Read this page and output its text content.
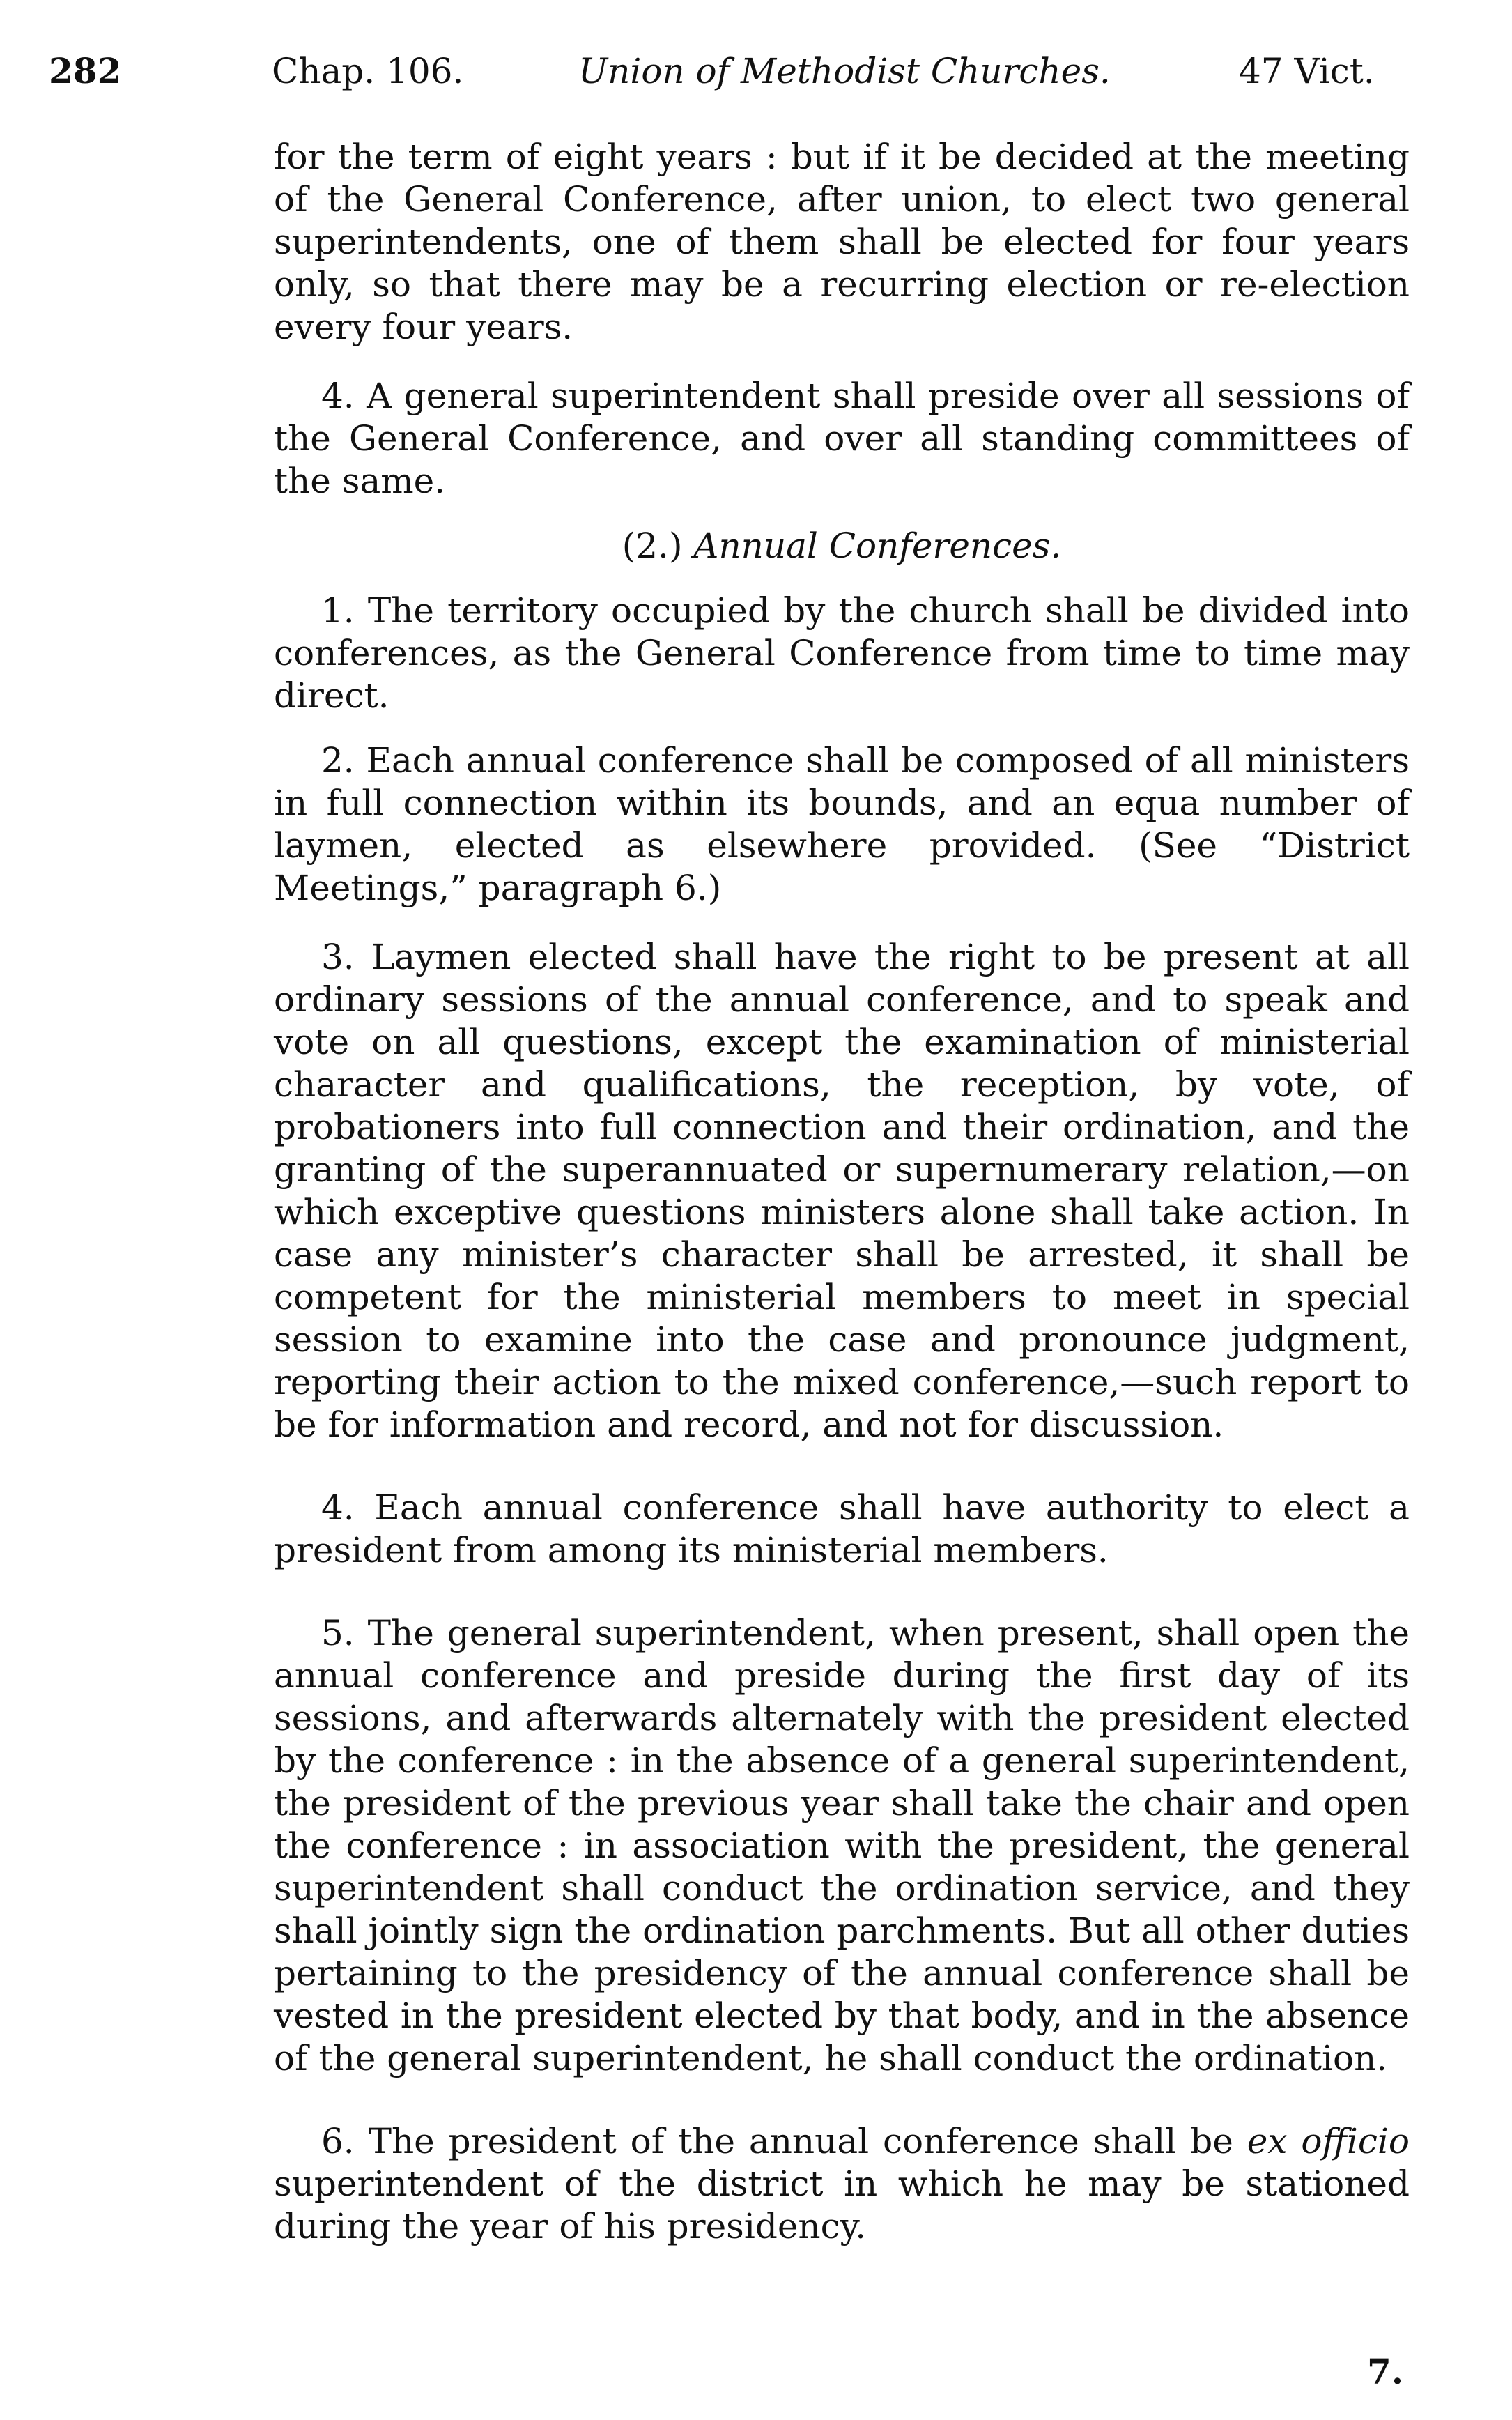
282	Chap. 106.	Union of Methodist Churches.	47 Vict.

for the term of eight years : but if it be decided at the meeting of the General Conference, after union, to elect two general superintendents, one of them shall be elected for four years only, so that there may be a recurring election or re-election every four years.

4. A general superintendent shall preside over all sessions of the General Conference, and over all standing committees of the same.

(2.) Annual Conferences.

1. The territory occupied by the church shall be divided into conferences, as the General Conference from time to time may direct.

2. Each annual conference shall be composed of all ministers in full connection within its bounds, and an equa number of laymen, elected as elsewhere provided. (See “District Meetings,” paragraph 6.)

3. Laymen elected shall have the right to be present at all ordinary sessions of the annual conference, and to speak and vote on all questions, except the examination of ministerial character and qualifications, the reception, by vote, of probationers into full connection and their ordination, and the granting of the superannuated or supernumerary relation,—on which exceptive questions ministers alone shall take action. In case any minister’s character shall be arrested, it shall be competent for the ministerial members to meet in special session to examine into the case and pronounce judgment, reporting their action to the mixed conference,—such report to be for information and record, and not for discussion.

4. Each annual conference shall have authority to elect a president from among its ministerial members.

5. The general superintendent, when present, shall open the annual conference and preside during the first day of its sessions, and afterwards alternately with the president elected by the conference : in the absence of a general superintendent, the president of the previous year shall take the chair and open the conference : in association with the president, the general superintendent shall conduct the ordination service, and they shall jointly sign the ordination parchments. But all other duties pertaining to the presidency of the annual conference shall be vested in the president elected by that body, and in the absence of the general superintendent, he shall conduct the ordination.

6. The president of the annual conference shall be ex officio superintendent of the district in which he may be stationed during the year of his presidency.

7.
